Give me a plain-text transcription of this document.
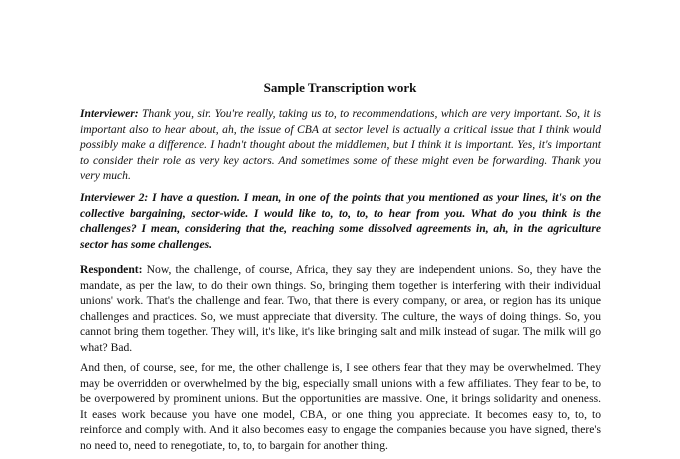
Sample Transcription work

Interviewer: Thank you, sir. You're really, taking us to, to recommendations, which are very important. So, it is important also to hear about, ah, the issue of CBA at sector level is actually a critical issue that I think would possibly make a difference. I hadn't thought about the middlemen, but I think it is important. Yes, it's important to consider their role as very key actors. And sometimes some of these might even be forwarding. Thank you very much.

Interviewer 2: I have a question. I mean, in one of the points that you mentioned as your lines, it's on the collective bargaining, sector-wide. I would like to, to, to, to hear from you. What do you think is the challenges? I mean, considering that the, reaching some dissolved agreements in, ah, in the agriculture sector has some challenges.

Respondent: Now, the challenge, of course, Africa, they say they are independent unions. So, they have the mandate, as per the law, to do their own things. So, bringing them together is interfering with their individual unions' work. That's the challenge and fear. Two, that there is every company, or area, or region has its unique challenges and practices. So, we must appreciate that diversity. The culture, the ways of doing things. So, you cannot bring them together. They will, it's like, it's like bringing salt and milk instead of sugar. The milk will go what? Bad.

And then, of course, see, for me, the other challenge is, I see others fear that they may be overwhelmed. They may be overridden or overwhelmed by the big, especially small unions with a few affiliates. They fear to be, to be overpowered by prominent unions. But the opportunities are massive. One, it brings solidarity and oneness. It eases work because you have one model, CBA, or one thing you appreciate. It becomes easy to, to, to reinforce and comply with. And it also becomes easy to engage the companies because you have signed, there's no need to, need to renegotiate, to, to, to bargain for another thing.
